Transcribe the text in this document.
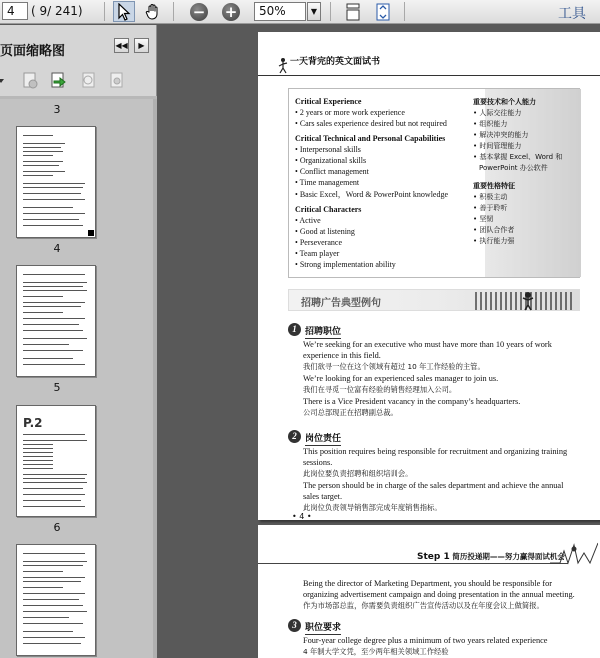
4	( 9/ 241)	− +	50%	▼	工具
页面缩略图	◀◀	▶
3
4
5
P.2
6
一天背完的英文面试书
Critical Experience
• 2 years or more work experience
• Cars sales experience desired but not required
Critical Technical and Personal Capabilities
• Interpersonal skills
• Organizational skills
• Conflict management
• Time management
• Basic Excel，Word & PowerPoint knowledge
Critical Characters
• Active
• Good at listening
• Perseverance
• Team player
• Strong implementation ability
重要技术和个人能力
• 人际交往能力
• 组织能力
• 解决冲突的能力
• 时间管理能力
• 基本掌握 Excel、Word 和
PowerPoint 办公软件
重要性格特征
• 积极主动
• 善于聆听
• 坚韧
• 团队合作者
• 执行能力强
招聘广告典型例句
1 招聘职位
We’re seeking for an executive who must have more than 10 years of work
experience in this field.
我们欲寻一位在这个领域有超过 10 年工作经验的主管。
We’re looking for an experienced sales manager to join us.
我们在寻觅一位富有经验的销售经理加入公司。
There is a Vice President vacancy in the company’s headquarters.
公司总部现正在招聘副总裁。
2 岗位责任
This position requires being responsible for recruitment and organizing training
sessions.
此岗位要负责招聘和组织培训会。
The person should be in charge of the sales department and achieve the annual
sales target.
此岗位负责领导销售部完成年度销售指标。
• 4 •
Step 1 简历投递期——努力赢得面试机会
Being the director of Marketing Department, you should be responsible for
organizing advertisement campaign and doing presentation in the annual meeting.
作为市场部总监，你需要负责组织广告宣传活动以及在年度会议上做简报。
3 职位要求
Four-year college degree plus a minimum of two years related experience
4 年制大学文凭，至少两年相关领域工作经验
